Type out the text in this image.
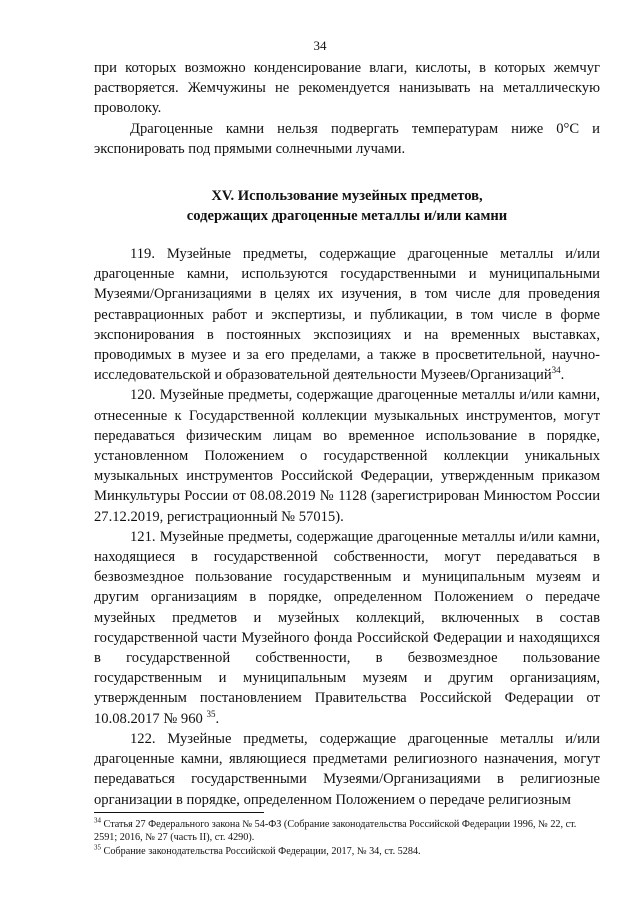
34

при которых возможно конденсирование влаги, кислоты, в которых жемчуг растворяется. Жемчужины не рекомендуется нанизывать на металлическую проволоку.

Драгоценные камни нельзя подвергать температурам ниже 0°С и экспонировать под прямыми солнечными лучами.

XV. Использование музейных предметов,
содержащих драгоценные металлы и/или камни

119. Музейные предметы, содержащие драгоценные металлы и/или драгоценные камни, используются государственными и муниципальными Музеями/Организациями в целях их изучения, в том числе для проведения реставрационных работ и экспертизы, и публикации, в том числе в форме экспонирования в постоянных экспозициях и на временных выставках, проводимых в музее и за его пределами, а также в просветительной, научно-исследовательской и образовательной деятельности Музеев/Организаций$^{34}$.

120. Музейные предметы, содержащие драгоценные металлы и/или камни, отнесенные к Государственной коллекции музыкальных инструментов, могут передаваться физическим лицам во временное использование в порядке, установленном Положением о государственной коллекции уникальных музыкальных инструментов Российской Федерации, утвержденным приказом Минкультуры России от 08.08.2019 № 1128 (зарегистрирован Минюстом России 27.12.2019, регистрационный № 57015).

121. Музейные предметы, содержащие драгоценные металлы и/или камни, находящиеся в государственной собственности, могут передаваться в безвозмездное пользование государственным и муниципальным музеям и другим организациям в порядке, определенном Положением о передаче музейных предметов и музейных коллекций, включенных в состав государственной части Музейного фонда Российской Федерации и находящихся в государственной собственности, в безвозмездное пользование государственным и муниципальным музеям и другим организациям, утвержденным постановлением Правительства Российской Федерации от 10.08.2017 № 960 $^{35}$.

122. Музейные предметы, содержащие драгоценные металлы и/или драгоценные камни, являющиеся предметами религиозного назначения, могут передаваться государственными Музеями/Организациями в религиозные организации в порядке, определенном Положением о передаче религиозным

$^{34}$ Статья 27 Федерального закона № 54-ФЗ (Собрание законодательства Российской Федерации 1996, № 22, ст. 2591; 2016, № 27 (часть II), ст. 4290).

$^{35}$ Собрание законодательства Российской Федерации, 2017, № 34, ст. 5284.
